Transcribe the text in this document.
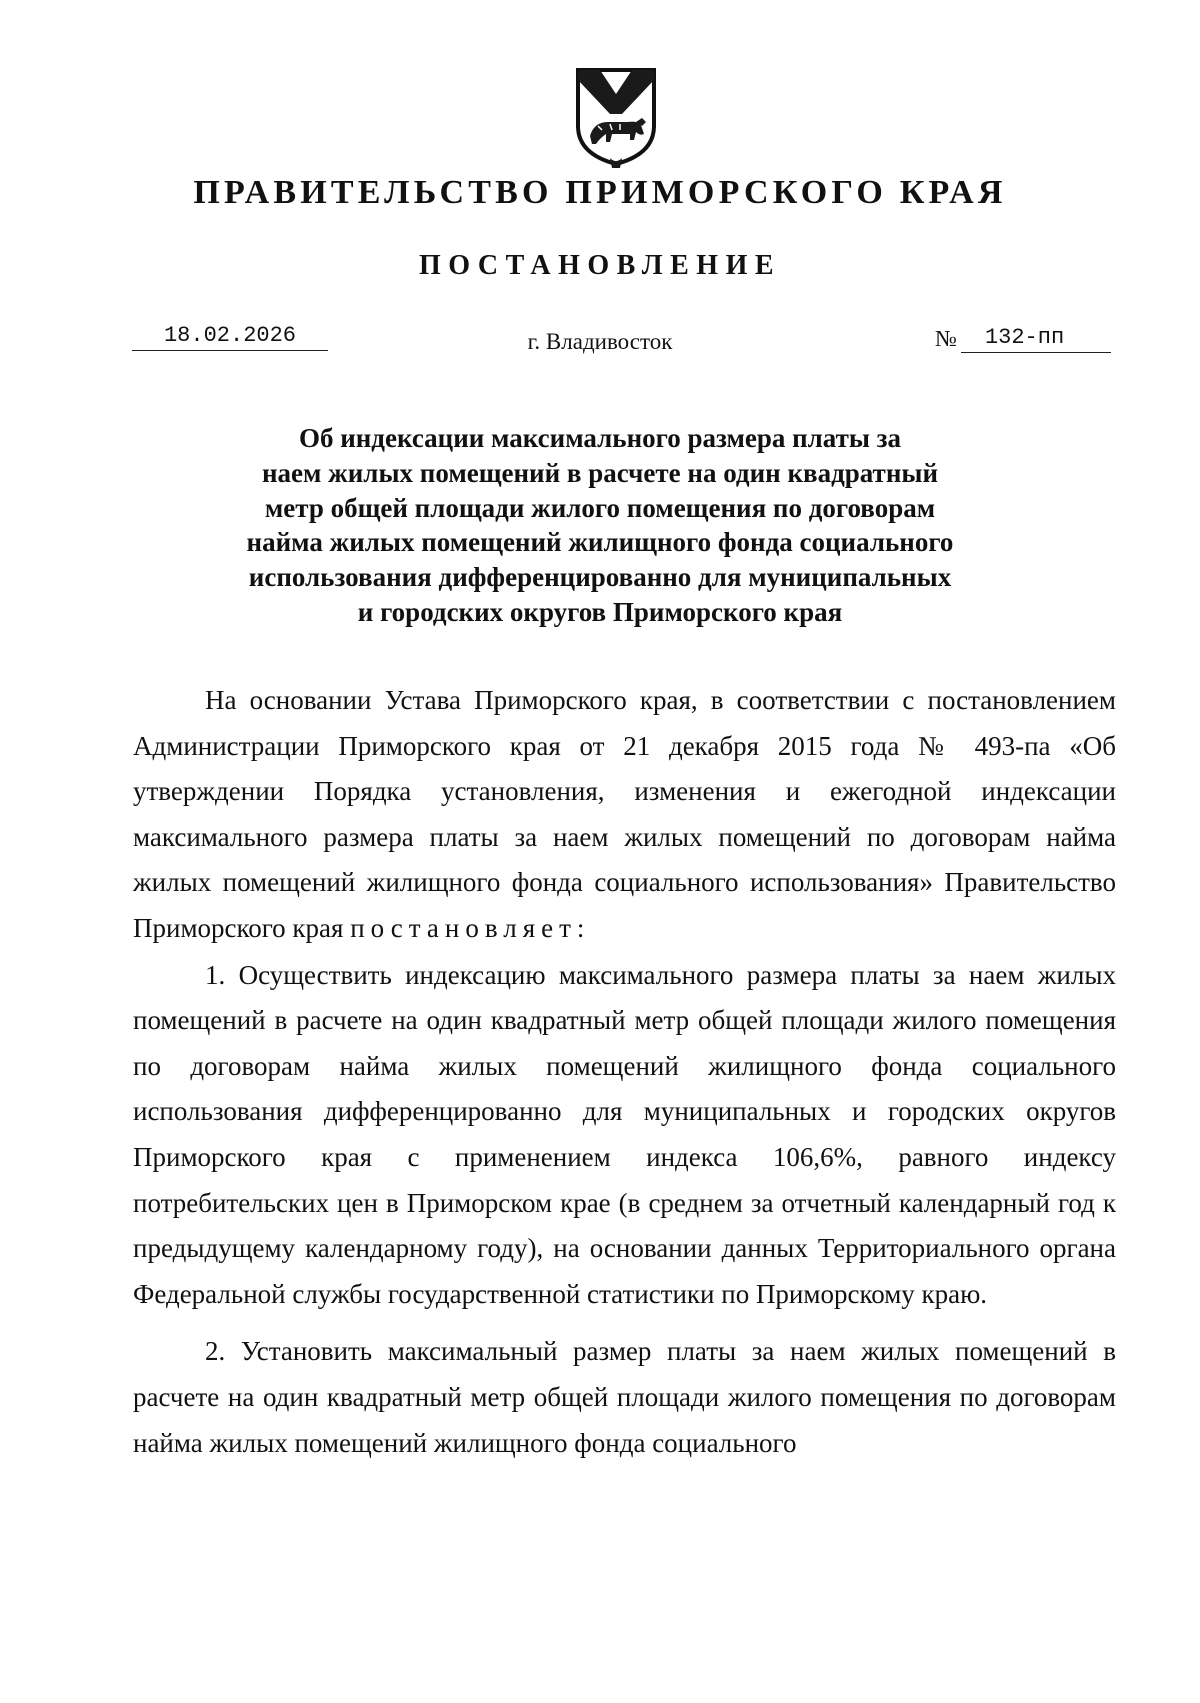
ПРАВИТЕЛЬСТВО ПРИМОРСКОГО КРАЯ
ПОСТАНОВЛЕНИЕ
18.02.2026	г. Владивосток	№	132-пп
Об индексации максимального размера платы за
наем жилых помещений в расчете на один квадратный
метр общей площади жилого помещения по договорам
найма жилых помещений жилищного фонда социального
использования дифференцированно для муниципальных
и городских округов Приморского края

На основании Устава Приморского края, в соответствии с постановлением Администрации Приморского края от 21 декабря 2015 года № 493-па «Об утверждении Порядка установления, изменения и ежегодной индексации максимального размера платы за наем жилых помещений по договорам найма жилых помещений жилищного фонда социального использования» Правительство Приморского края постановляет:

1. Осуществить индексацию максимального размера платы за наем жилых помещений в расчете на один квадратный метр общей площади жилого помещения по договорам найма жилых помещений жилищного фонда социального использования дифференцированно для муниципальных и городских округов Приморского края с применением индекса 106,6%, равного индексу потребительских цен в Приморском крае (в среднем за отчетный календарный год к предыдущему календарному году), на основании данных Территориального органа Федеральной службы государственной статистики по Приморскому краю.

2. Установить максимальный размер платы за наем жилых помещений в расчете на один квадратный метр общей площади жилого помещения по договорам найма жилых помещений жилищного фонда социального
